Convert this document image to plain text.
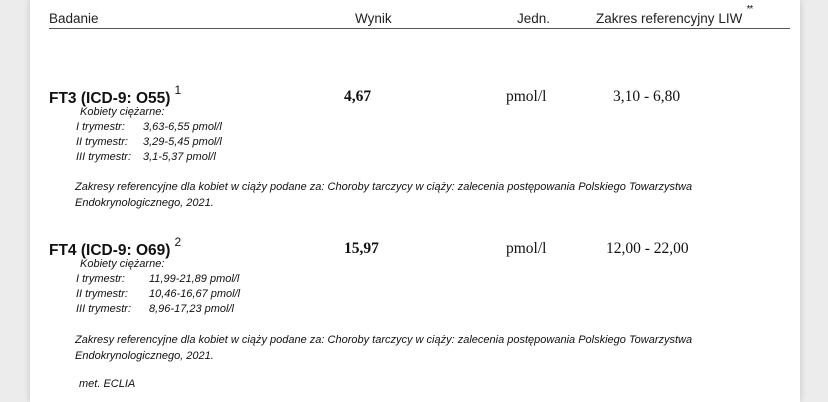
Badanie	Wynik	Jedn.	Zakres referencyjny LIW
**
FT3 (ICD-9: O55)$^1$	4,67	pmol/l	3,10 - 6,80
Kobiety ciężarne:
I trymestr: 3,63-6,55 pmol/l
II trymestr: 3,29-5,45 pmol/l
III trymestr: 3,1-5,37 pmol/l
Zakresy referencyjne dla kobiet w ciąży podane za: Choroby tarczycy w ciąży: zalecenia postępowania Polskiego Towarzystwa
Endokrynologicznego, 2021.
FT4 (ICD-9: O69)$^2$	15,97	pmol/l	12,00 - 22,00
Kobiety ciężarne:
I trymestr: 11,99-21,89 pmol/l
II trymestr: 10,46-16,67 pmol/l
III trymestr: 8,96-17,23 pmol/l
Zakresy referencyjne dla kobiet w ciąży podane za: Choroby tarczycy w ciąży: zalecenia postępowania Polskiego Towarzystwa
Endokrynologicznego, 2021.
met. ECLIA
